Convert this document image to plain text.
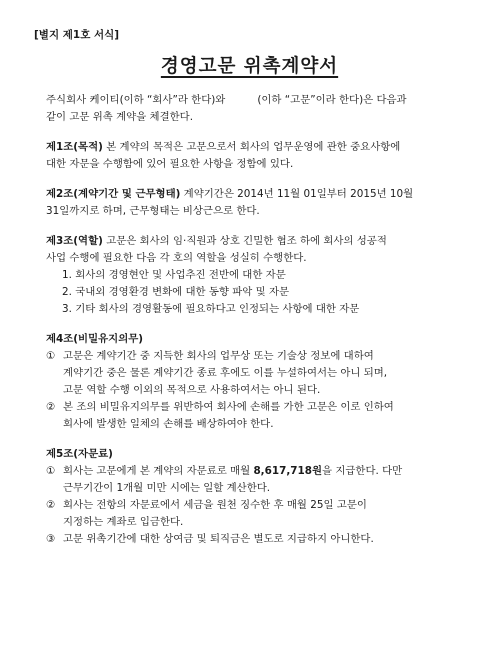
[별지 제1호 서식]
경영고문 위촉계약서

주식회사 케이티(이하 “회사”라 한다)와	(이하 “고문”이라 한다)은 다음과

같이 고문 위촉 계약을 체결한다.

제1조(목적) 본 계약의 목적은 고문으로서 회사의 업무운영에 관한 중요사항에

대한 자문을 수행함에 있어 필요한 사항을 정함에 있다.

제2조(계약기간 및 근무형태) 계약기간은 2014년 11월 01일부터 2015년 10월

31일까지로 하며, 근무형태는 비상근으로 한다.

제3조(역할) 고문은 회사의 임·직원과 상호 긴밀한 협조 하에 회사의 성공적

사업 수행에 필요한 다음 각 호의 역할을 성실히 수행한다.

1. 회사의 경영현안 및 사업추진 전반에 대한 자문
2. 국내외 경영환경 변화에 대한 동향 파악 및 자문
3. 기타 회사의 경영활동에 필요하다고 인정되는 사항에 대한 자문

제4조(비밀유지의무)

① 고문은 계약기간 중 지득한 회사의 업무상 또는 기술상 정보에 대하여

계약기간 중은 물론 계약기간 종료 후에도 이를 누설하여서는 아니 되며,

고문 역할 수행 이외의 목적으로 사용하여서는 아니 된다.

② 본 조의 비밀유지의무를 위반하여 회사에 손해를 가한 고문은 이로 인하여

회사에 발생한 일체의 손해를 배상하여야 한다.

제5조(자문료)

① 회사는 고문에게 본 계약의 자문료로 매월 8,617,718원을 지급한다. 다만

근무기간이 1개월 미만 시에는 일할 계산한다.

② 회사는 전항의 자문료에서 세금을 원천 징수한 후 매월 25일 고문이

지정하는 계좌로 입금한다.

③ 고문 위촉기간에 대한 상여금 및 퇴직금은 별도로 지급하지 아니한다.
